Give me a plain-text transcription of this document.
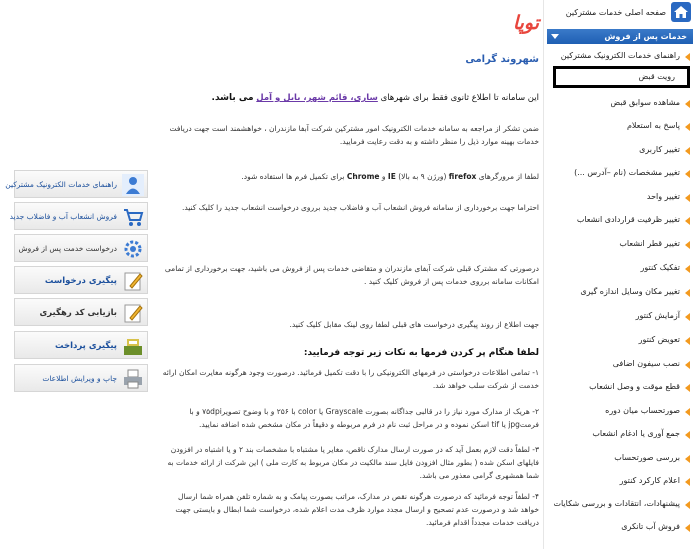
صفحه اصلی خدمات مشترکین
خدمات پس از فروش
راهنمای خدمات الکترونیک مشترکین
رویت قبض
مشاهده سوابق قبض
پاسخ به استعلام
تغییر کاربری
تغییر مشخصات (نام –آدرس ...)
تغییر واحد
تغییر ظرفیت قراردادی انشعاب
تغییر قطر انشعاب
تفکیک کنتور
تغییر مکان وسایل اندازه گیری
آزمایش کنتور
تعویض کنتور
نصب سیفون اضافی
قطع موقت و وصل انشعاب
صورتحساب میان دوره
جمع آوری یا ادغام انشعاب
بررسی صورتحساب
اعلام کارکرد کنتور
پیشنهادات، انتقادات و بررسی شکایات
فروش آب تانکری
توپا
شهروند گرامی
این سامانه تا اطلاع ثانوی فقط برای شهرهای ساری، قائم شهر، بابل و آمل می باشد.
ضمن تشکر از مراجعه به سامانه خدمات الکترونیک امور مشترکین شرکت آبفا مازندران ، خواهشمند است جهت دریافت خدمات بهینه موارد ذیل را منظر داشته و به دقت رعایت فرمایید.
لطفا از مرورگرهای firefox (ورژن ۹ به بالا) IE و Chrome برای تکمیل فرم ها استفاده شود.
احتراما جهت برخورداری از سامانه فروش انشعاب آب و فاضلاب جدید برروی درخواست انشعاب جدید را کلیک کنید.
درصورتی که مشترک قبلی شرکت آبفای مازندران و متقاضی خدمات پس از فروش می باشید، جهت برخورداری از تمامی امکانات سامانه برروی خدمات پس از فروش کلیک کنید .
جهت اطلاع از روند پیگیری درخواست های قبلی لطفا روی لینک مقابل کلیک کنید.
لطفا هنگام پر کردن فرمها به نکات زیر توجه فرمایید:
۱- تمامی اطلاعات درخواستی در فرمهای الکترونیکی را با دقت تکمیل فرمائید. درصورت وجود هرگونه مغایرت امکان ارائه خدمت از شرکت سلب خواهد شد.
۲- هریک از مدارک مورد نیاز را در قالبی جداگانه بصورت Grayscale یا color با ۲۵۶ و با وضوح تصویر۷۵dpi و با فرمتjpg یا tif اسکن نموده و در مراحل ثبت نام در فرم مربوطه و دقیقاً در مکان مشخص شده اضافه نمایید.
۳- لطفاً دقت لازم بعمل آید که در صورت ارسال مدارک ناقص، مغایر یا مشتباه با مشخصات بند ۲ و یا اشتباه در افزودن فایلهای اسکن شده ( بطور مثال افزودن فایل سند مالکیت در مکان مربوط به کارت ملی ) این شرکت از ارائه خدمات به شما همشهری گرامی معذور می باشد.
۴- لطفاً توجه فرمائید که درصورت هرگونه نقص در مدارک، مراتب بصورت پیامک و به شماره تلفن همراه شما ارسال خواهد شد و درصورت عدم تصحیح و ارسال مجدد موارد ظرف مدت اعلام شده، درخواست شما ابطال و بایستی جهت دریافت خدمات مجدداً اقدام فرمائید.
راهنمای خدمات الکترونیک مشترکین
فروش انشعاب آب و فاضلاب جدید
درخواست خدمت پس از فروش
پیگیری درخواست
بازیابی کد رهگیری
پیگیری پرداخت
چاپ و ویرایش اطلاعات
